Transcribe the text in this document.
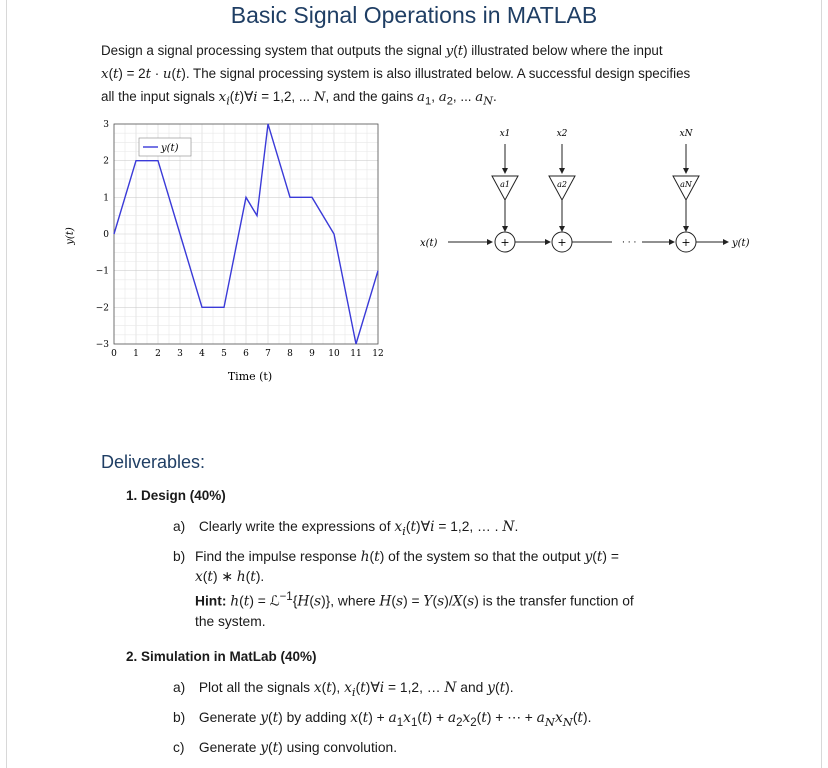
Basic Signal Operations in MATLAB
Design a signal processing system that outputs the signal y(t) illustrated below where the input
x(t) = 2t · u(t). The signal processing system is also illustrated below. A successful design specifies
all the input signals $x_i(t)\forall i = 1,2$, ... N, and the gains $a_1$, $a_2$, ... $a_N$.
3
2
1
0
−1
−2
−3
0 1 2 3 4 5 6 7 8 9 10 11 12
y(t)
Time (t)
y(t)	x(t)
x1
a1
+
x2
a2
+	· · ·
xN
aN
+	y(t)
Deliverables:
1. Design (40%)
a) Clearly write the expressions of $x_i(t)\forall i = 1,2$, … . N.
b) Find the impulse response h(t) of the system so that the output y(t) =
x(t) ∗ h(t).
Hint: h(t) = ℒ$^{-1}${H(s)}, where H(s) = Y(s)/X(s) is the transfer function of
the system.
2. Simulation in MatLab (40%)
a) Plot all the signals x(t), $x_i(t)\forall i = 1,2$, … N and y(t).
b) Generate y(t) by adding $x(t) + a_1x_1(t) + a_2x_2(t)$ + ⋯ + $a_Nx_N(t)$.
c) Generate y(t) using convolution.
